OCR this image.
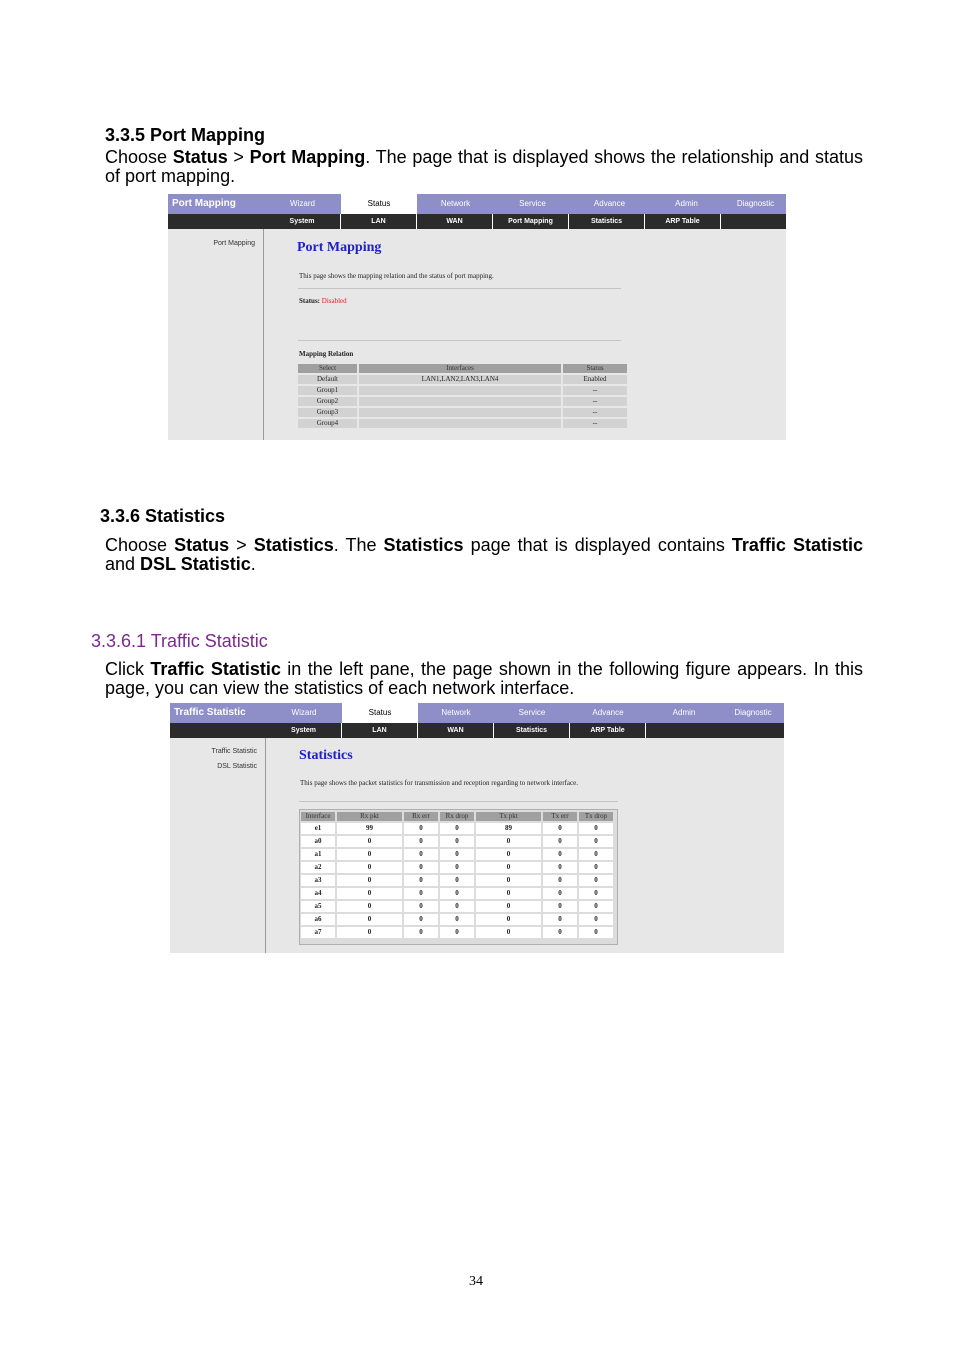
3.3.5 Port Mapping
Choose Status > Port Mapping. The page that is displayed shows the relationship and status of port mapping.
Port Mapping	Wizard	Status	Network	Service	Advance	Admin	Diagnostic
System	LAN	WAN	Port Mapping	Statistics	ARP Table
Port Mapping	Port Mapping
This page shows the mapping relation and the status of port mapping.
Status: Disabled
Mapping Relation
Select	Interfaces	Status
Default	LAN1,LAN2,LAN3,LAN4	Enabled
Group1		--
Group2		--
Group3		--
Group4		--
3.3.6 Statistics
Choose Status > Statistics. The Statistics page that is displayed contains Traffic Statistic and DSL Statistic.
3.3.6.1 Traffic Statistic
Click Traffic Statistic in the left pane, the page shown in the following figure appears. In this page, you can view the statistics of each network interface.
Traffic Statistic	Wizard	Status	Network	Service	Advance	Admin	Diagnostic
System	LAN	WAN	Statistics	ARP Table
Traffic Statistic
DSL Statistic
Statistics
This page shows the packet statistics for transmission and reception regarding to network interface.
Interface	Rx pkt	Rx err	Rx drop	Tx pkt	Tx err	Tx drop
e1	99	0	0	89	0	0
a0	0	0	0	0	0	0
a1	0	0	0	0	0	0
a2	0	0	0	0	0	0
a3	0	0	0	0	0	0
a4	0	0	0	0	0	0
a5	0	0	0	0	0	0
a6	0	0	0	0	0	0
a7	0	0	0	0	0	0
34
